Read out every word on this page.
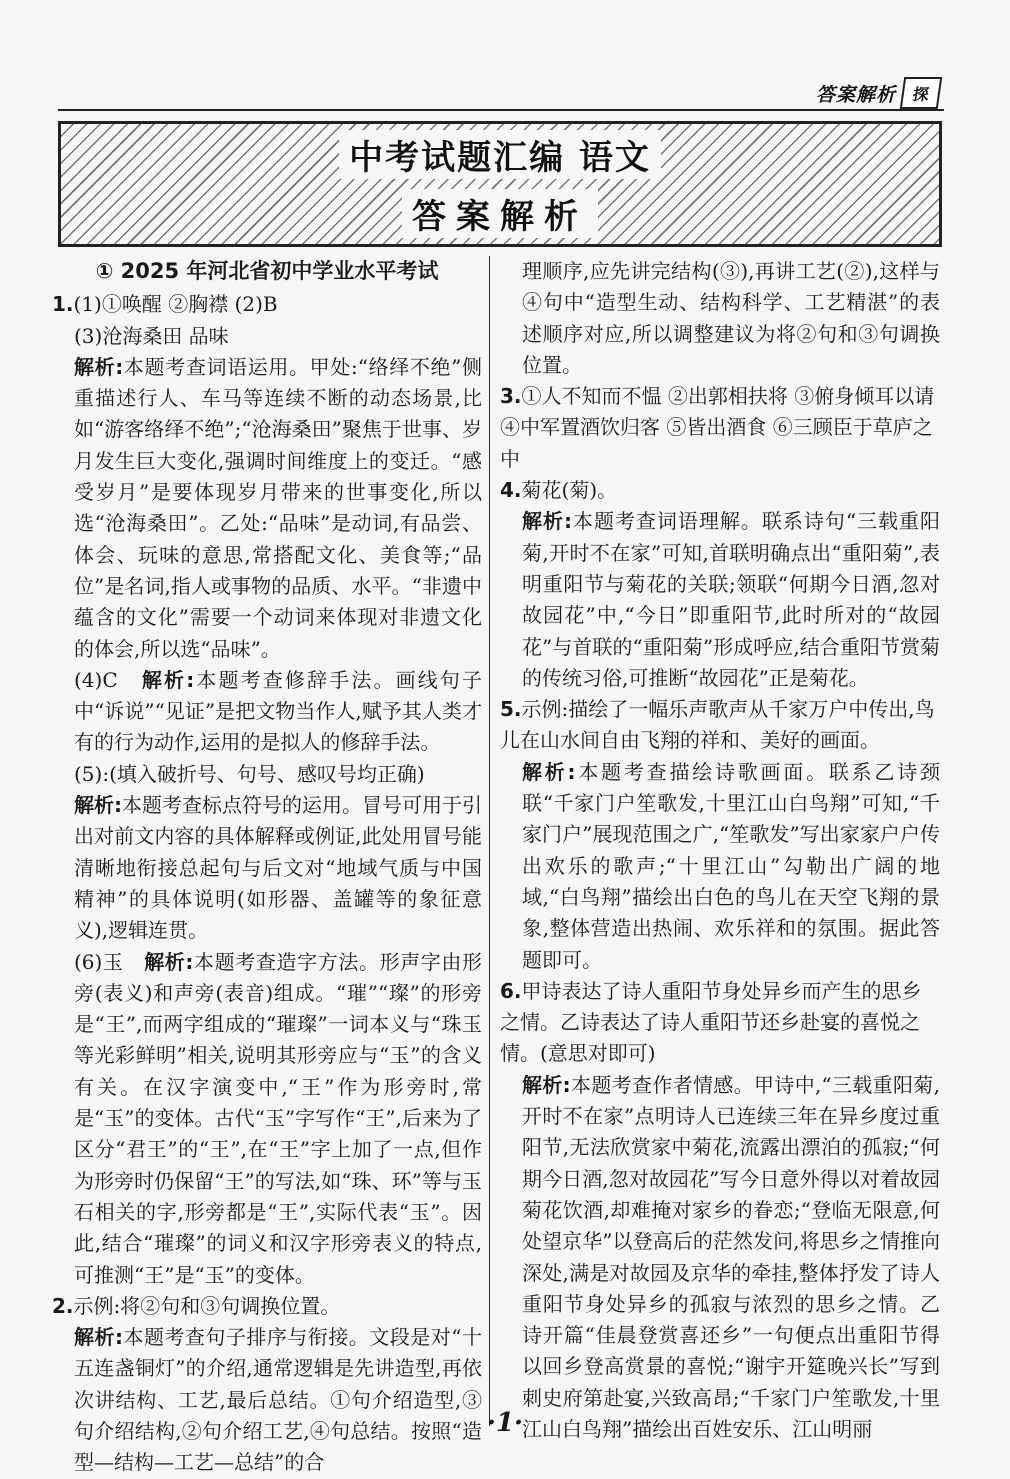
答案解析 探
中考试题汇编 语文
答案解析
① 2025 年河北省初中学业水平考试
1.(1)①唤醒 ②胸襟 (2)B
(3)沧海桑田 品味
解析:本题考查词语运用。甲处:“络绎不绝”侧重描述行人、车马等连续不断的动态场景,比如“游客络绎不绝”;“沧海桑田”聚焦于世事、岁月发生巨大变化,强调时间维度上的变迁。“感受岁月”是要体现岁月带来的世事变化,所以选“沧海桑田”。乙处:“品味”是动词,有品尝、体会、玩味的意思,常搭配文化、美食等;“品位”是名词,指人或事物的品质、水平。“非遗中蕴含的文化”需要一个动词来体现对非遗文化的体会,所以选“品味”。
(4)C　 解析:本题考查修辞手法。画线句子中“诉说”“见证”是把文物当作人,赋予其人类才有的行为动作,运用的是拟人的修辞手法。
(5):(填入破折号、句号、感叹号均正确)
解析:本题考查标点符号的运用。冒号可用于引出对前文内容的具体解释或例证,此处用冒号能清晰地衔接总起句与后文对“地域气质与中国精神”的具体说明(如形器、盖罐等的象征意义),逻辑连贯。
(6)玉　 解析:本题考查造字方法。形声字由形旁(表义)和声旁(表音)组成。“璀”“璨”的形旁是“王”,而两字组成的“璀璨”一词本义与“珠玉等光彩鲜明”相关,说明其形旁应与“玉”的含义有关。在汉字演变中,“王”作为形旁时,常是“玉”的变体。古代“玉”字写作“王”,后来为了区分“君王”的“王”,在“王”字上加了一点,但作为形旁时仍保留“王”的写法,如“珠、环”等与玉石相关的字,形旁都是“王”,实际代表“玉”。因此,结合“璀璨”的词义和汉字形旁表义的特点,可推测“王”是“玉”的变体。
2.示例:将②句和③句调换位置。
解析:本题考查句子排序与衔接。文段是对“十五连盏铜灯”的介绍,通常逻辑是先讲造型,再依次讲结构、工艺,最后总结。①句介绍造型,③句介绍结构,②句介绍工艺,④句总结。按照“造型—结构—工艺—总结”的合
理顺序,应先讲完结构(③),再讲工艺(②),这样与④句中“造型生动、结构科学、工艺精湛”的表述顺序对应,所以调整建议为将②句和③句调换位置。
3.①人不知而不愠 ②出郭相扶将 ③俯身倾耳以请 ④中军置酒饮归客 ⑤皆出酒食 ⑥三顾臣于草庐之中
4.菊花(菊)。
解析:本题考查词语理解。联系诗句“三载重阳菊,开时不在家”可知,首联明确点出“重阳菊”,表明重阳节与菊花的关联;领联“何期今日酒,忽对故园花”中,“今日”即重阳节,此时所对的“故园花”与首联的“重阳菊”形成呼应,结合重阳节赏菊的传统习俗,可推断“故园花”正是菊花。
5.示例:描绘了一幅乐声歌声从千家万户中传出,鸟儿在山水间自由飞翔的祥和、美好的画面。
解析:本题考查描绘诗歌画面。联系乙诗颈联“千家门户笙歌发,十里江山白鸟翔”可知,“千家门户”展现范围之广,“笙歌发”写出家家户户传出欢乐的歌声;“十里江山”勾勒出广阔的地域,“白鸟翔”描绘出白色的鸟儿在天空飞翔的景象,整体营造出热闹、欢乐祥和的氛围。据此答题即可。
6.甲诗表达了诗人重阳节身处异乡而产生的思乡之情。乙诗表达了诗人重阳节还乡赴宴的喜悦之情。(意思对即可)
解析:本题考查作者情感。甲诗中,“三载重阳菊,开时不在家”点明诗人已连续三年在异乡度过重阳节,无法欣赏家中菊花,流露出漂泊的孤寂;“何期今日酒,忽对故园花”写今日意外得以对着故园菊花饮酒,却难掩对家乡的眷恋;“登临无限意,何处望京华”以登高后的茫然发问,将思乡之情推向深处,满是对故园及京华的牵挂,整体抒发了诗人重阳节身处异乡的孤寂与浓烈的思乡之情。乙诗开篇“佳晨登赏喜还乡”一句便点出重阳节得以回乡登高赏景的喜悦;“谢宇开筵晚兴长”写到刺史府第赴宴,兴致高昂;“千家门户笙歌发,十里江山白鸟翔”描绘出百姓安乐、江山明丽
·1·
